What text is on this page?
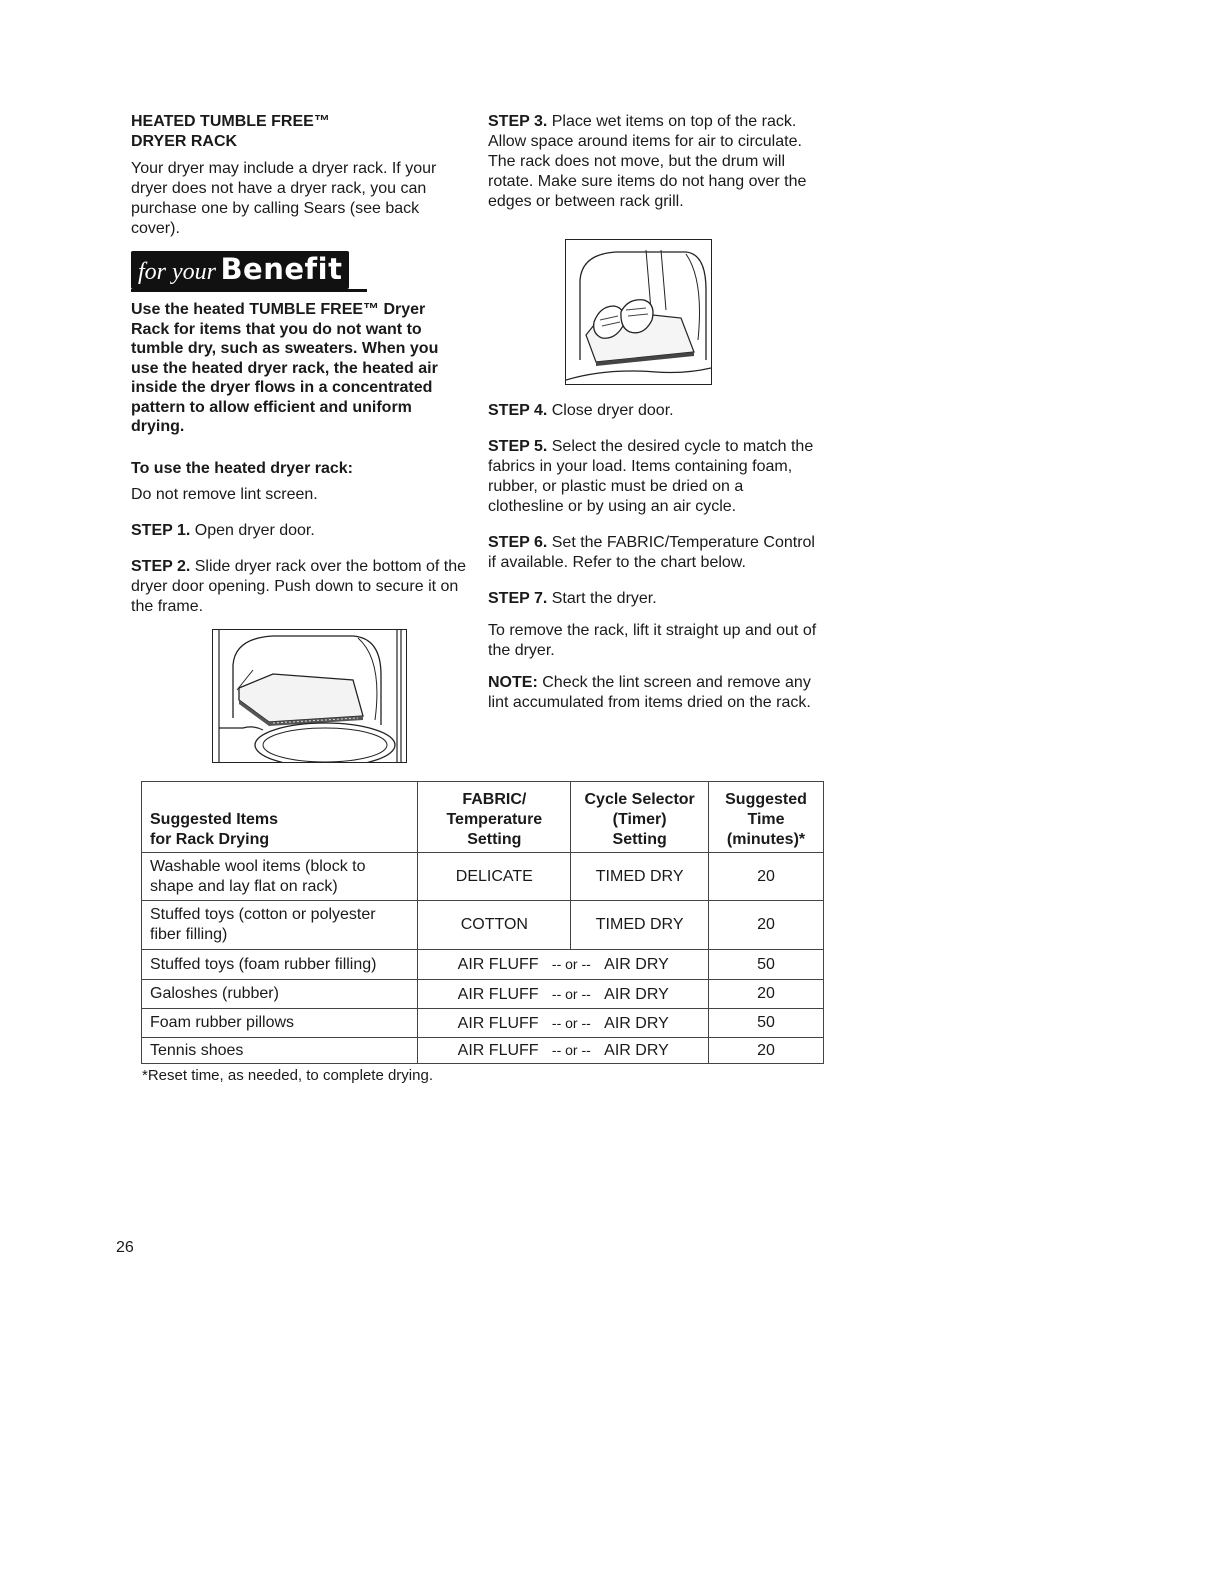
HEATED TUMBLE FREE™
DRYER RACK

Your dryer may include a dryer rack. If your dryer does not have a dryer rack, you can purchase one by calling Sears (see back cover).

for your Benefit

Use the heated TUMBLE FREE™ Dryer Rack for items that you do not want to tumble dry, such as sweaters. When you use the heated dryer rack, the heated air inside the dryer flows in a concentrated pattern to allow efficient and uniform drying.

To use the heated dryer rack:

Do not remove lint screen.

STEP 1. Open dryer door.

STEP 2. Slide dryer rack over the bottom of the dryer door opening. Push down to secure it on the frame.

STEP 3. Place wet items on top of the rack. Allow space around items for air to circulate. The rack does not move, but the drum will rotate. Make sure items do not hang over the edges or between rack grill.

STEP 4. Close dryer door.

STEP 5. Select the desired cycle to match the fabrics in your load. Items containing foam, rubber, or plastic must be dried on a clothesline or by using an air cycle.

STEP 6. Set the FABRIC/Temperature Control if available. Refer to the chart below.

STEP 7. Start the dryer.

To remove the rack, lift it straight up and out of the dryer.

NOTE: Check the lint screen and remove any lint accumulated from items dried on the rack.

Suggested Items
for Rack Drying	FABRIC/
Temperature
Setting	Cycle Selector
(Timer)
Setting	Suggested
Time
(minutes)*
Washable wool items (block to shape and lay flat on rack)	DELICATE	TIMED DRY	20
Stuffed toys (cotton or polyester fiber filling)	COTTON	TIMED DRY	20
Stuffed toys (foam rubber filling)	AIR FLUFF -- or -- AIR DRY		50
Galoshes (rubber)	AIR FLUFF -- or -- AIR DRY		20
Foam rubber pillows	AIR FLUFF -- or -- AIR DRY		50
Tennis shoes	AIR FLUFF -- or -- AIR DRY		20
*Reset time, as needed, to complete drying.
26
